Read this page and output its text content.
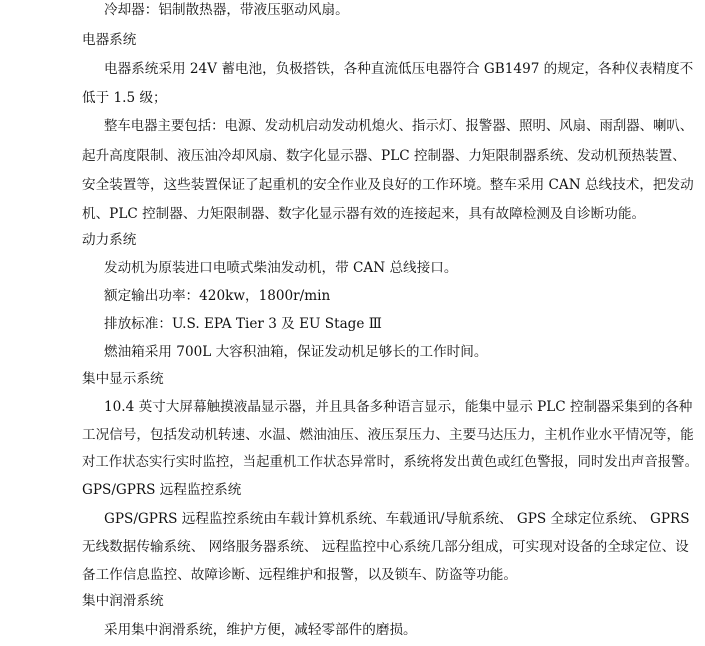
冷却器：铝制散热器，带液压驱动风扇。
电器系统
电器系统采用 24V 蓄电池，负极搭铁，各种直流低压电器符合 GB1497 的规定，各种仪表精度不
低于 1.5 级；
整车电器主要包括：电源、发动机启动发动机熄火、指示灯、报警器、照明、风扇、雨刮器、喇叭、
起升高度限制、液压油冷却风扇、数字化显示器、PLC 控制器、力矩限制器系统、发动机预热装置、
安全装置等，这些装置保证了起重机的安全作业及良好的工作环境。整车采用 CAN 总线技术，把发动
机、PLC 控制器、力矩限制器、数字化显示器有效的连接起来，具有故障检测及自诊断功能。
动力系统
发动机为原装进口电喷式柴油发动机，带 CAN 总线接口。
额定输出功率：420kw，1800r/min
排放标准：U.S. EPA Tier 3 及 EU Stage Ⅲ
燃油箱采用 700L 大容积油箱，保证发动机足够长的工作时间。
集中显示系统
10.4 英寸大屏幕触摸液晶显示器，并且具备多种语言显示，能集中显示 PLC 控制器采集到的各种
工况信号，包括发动机转速、水温、燃油油压、液压泵压力、主要马达压力，主机作业水平情况等，能
对工作状态实行实时监控，当起重机工作状态异常时，系统将发出黄色或红色警报，同时发出声音报警。
GPS/GPRS 远程监控系统
GPS/GPRS 远程监控系统由车载计算机系统、车载通讯/导航系统、 GPS 全球定位系统、 GPRS
无线数据传输系统、 网络服务器系统、 远程监控中心系统几部分组成，可实现对设备的全球定位、设
备工作信息监控、故障诊断、远程维护和报警，以及锁车、防盗等功能。
集中润滑系统
采用集中润滑系统，维护方便，减轻零部件的磨损。
